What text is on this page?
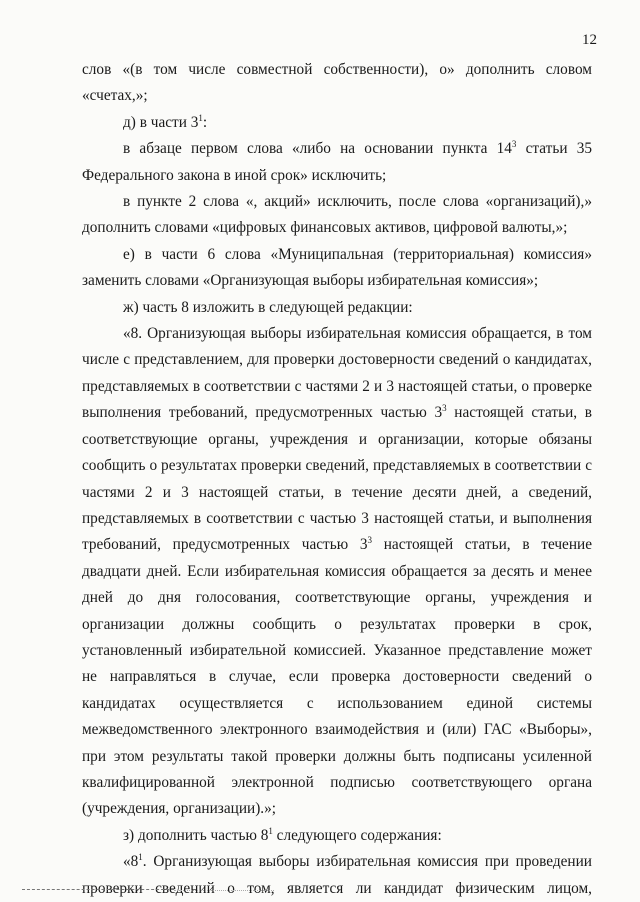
12

слов «(в том числе совместной собственности), о» дополнить словом «счетах,»;

д) в части $3^1$:

в абзаце первом слова «либо на основании пункта $14^3$ статьи 35 Федерального закона в иной срок» исключить;

в пункте 2 слова «, акций» исключить, после слова «организаций),» дополнить словами «цифровых финансовых активов, цифровой валюты,»;

е) в части 6 слова «Муниципальная (территориальная) комиссия» заменить словами «Организующая выборы избирательная комиссия»;

ж) часть 8 изложить в следующей редакции:

«8. Организующая выборы избирательная комиссия обращается, в том числе с представлением, для проверки достоверности сведений о кандидатах, представляемых в соответствии с частями 2 и 3 настоящей статьи, о проверке выполнения требований, предусмотренных частью $3^3$ настоящей статьи, в соответствующие органы, учреждения и организации, которые обязаны сообщить о результатах проверки сведений, представляемых в соответствии с частями 2 и 3 настоящей статьи, в течение десяти дней, а сведений, представляемых в соответствии с частью 3 настоящей статьи, и выполнения требований, предусмотренных частью $3^3$ настоящей статьи, в течение двадцати дней. Если избирательная комиссия обращается за десять и менее дней до дня голосования, соответствующие органы, учреждения и организации должны сообщить о результатах проверки в срок, установленный избирательной комиссией. Указанное представление может не направляться в случае, если проверка достоверности сведений о кандидатах осуществляется с использованием единой системы межведомственного электронного взаимодействия и (или) ГАС «Выборы», при этом результаты такой проверки должны быть подписаны усиленной квалифицированной электронной подписью соответствующего органа (учреждения, организации).»;

з) дополнить частью $8^1$ следующего содержания:

«$8^1$. Организующая выборы избирательная комиссия при проведении проверки сведений о том, является ли кандидат физическим лицом,
